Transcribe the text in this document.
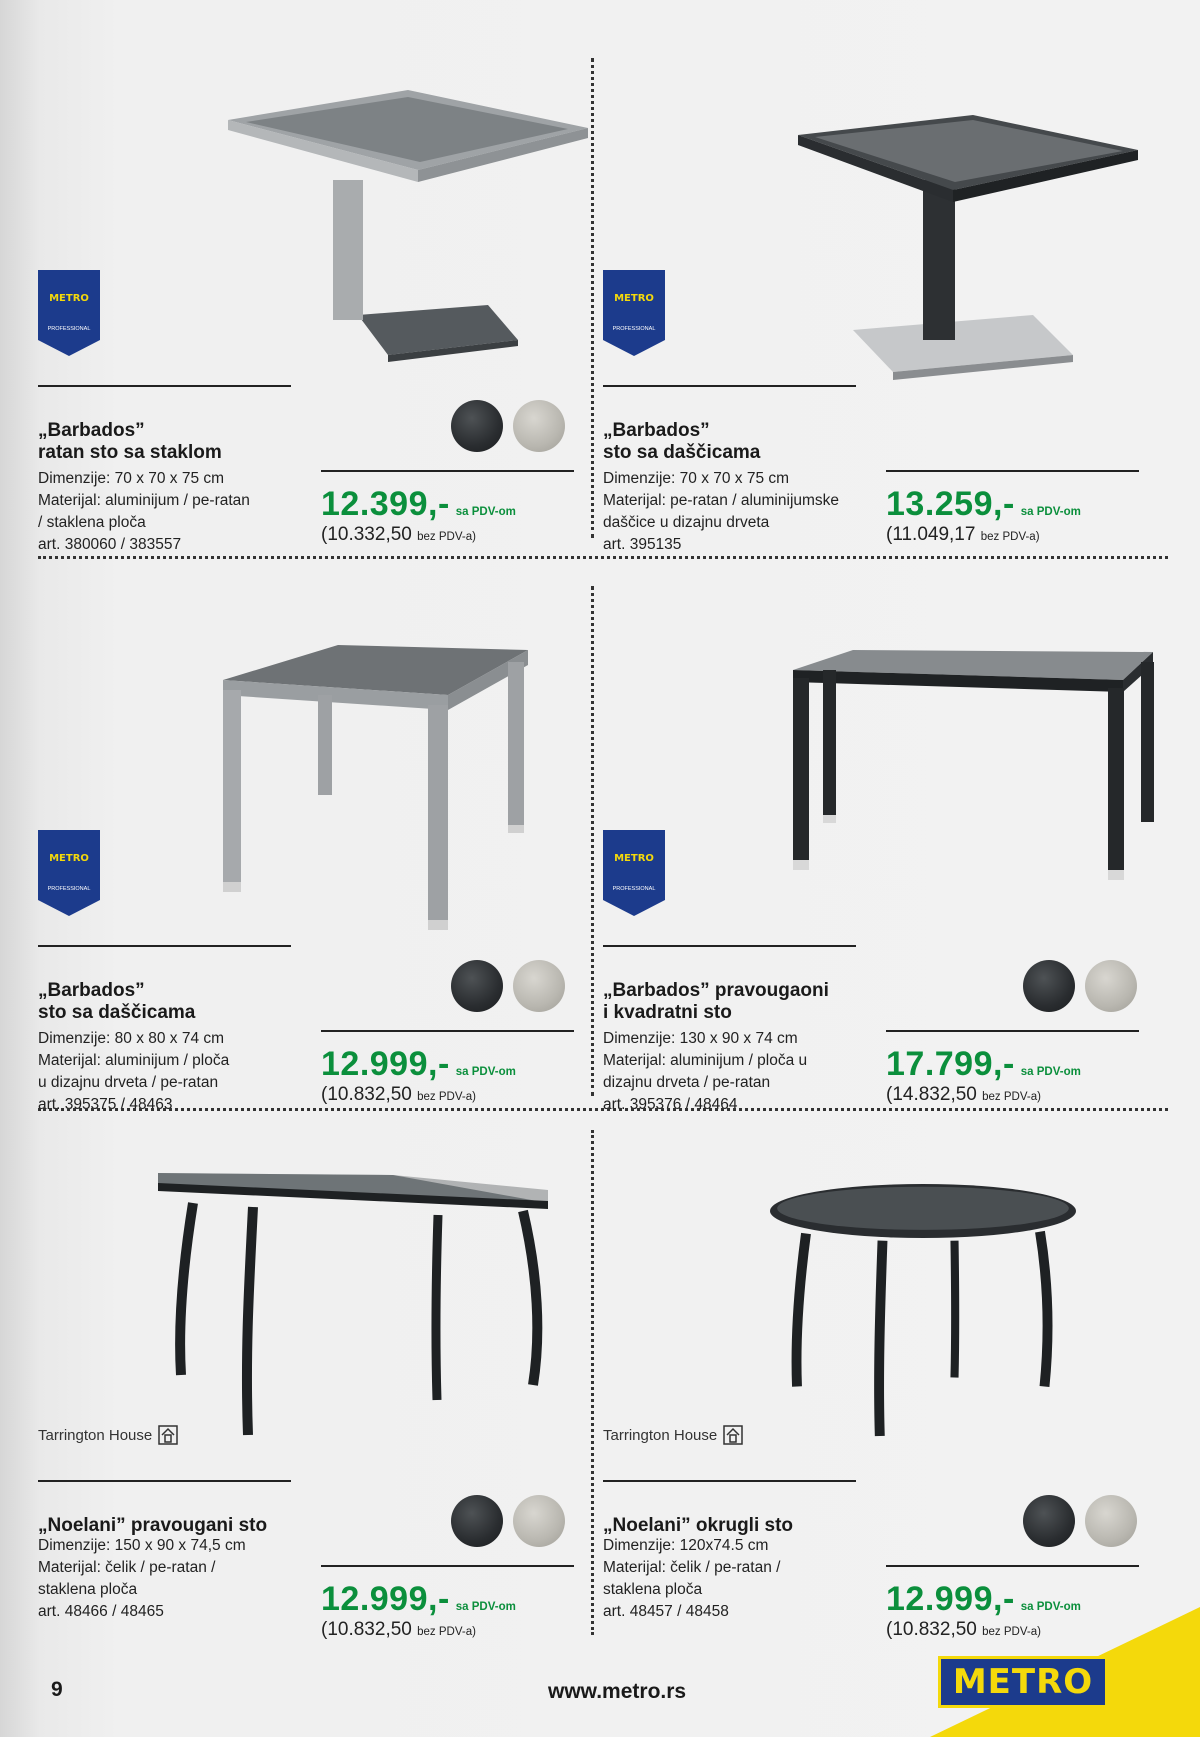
METRO
PROFESSIONAL
„Barbados”
ratan sto sa staklom
Dimenzije: 70 x 70 x 75 cm
Materijal: aluminijum / pe-ratan
/ staklena ploča
art. 380060 / 383557
12.399,- sa PDV-om
(10.332,50 bez PDV-a)
METRO
PROFESSIONAL
„Barbados”
sto sa daščicama
Dimenzije: 70 x 70 x 75 cm
Materijal: pe-ratan / aluminijumske
daščice u dizajnu drveta
art. 395135
13.259,- sa PDV-om
(11.049,17 bez PDV-a)
METRO
PROFESSIONAL
„Barbados”
sto sa daščicama
Dimenzije: 80 x 80 x 74 cm
Materijal: aluminijum / ploča
u dizajnu drveta / pe-ratan
art. 395375 / 48463
12.999,- sa PDV-om
(10.832,50 bez PDV-a)
METRO
PROFESSIONAL
„Barbados” pravougaoni
i kvadratni sto
Dimenzije: 130 x 90 x 74 cm
Materijal: aluminijum / ploča u
dizajnu drveta / pe-ratan
art. 395376 / 48464
17.799,- sa PDV-om
(14.832,50 bez PDV-a)
Tarrington House
„Noelani” pravougani sto
Dimenzije: 150 x 90 x 74,5 cm
Materijal: čelik / pe-ratan /
staklena ploča
art. 48466 / 48465	12.999,- sa PDV-om
(10.832,50 bez PDV-a)
Tarrington House
„Noelani” okrugli sto
Dimenzije: 120x74.5 cm
Materijal: čelik / pe-ratan /
staklena ploča
art. 48457 / 48458	12.999,- sa PDV-om
(10.832,50 bez PDV-a)
9	www.metro.rs	METRO
